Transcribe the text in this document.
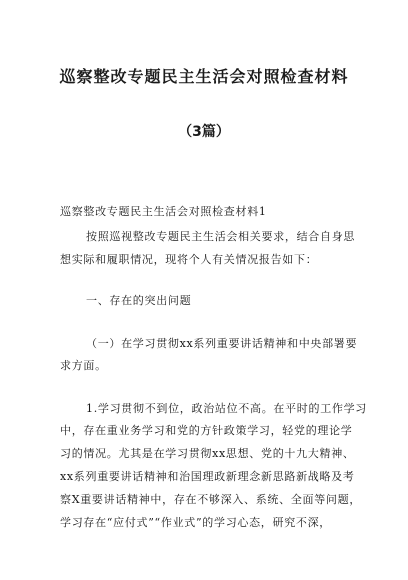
巡察整改专题民主生活会对照检查材料
（3篇）
巡察整改专题民主生活会对照检查材料1
按照巡视整改专题民主生活会相关要求，结合自身思
想实际和履职情况，现将个人有关情况报告如下：
一、存在的突出问题
（一）在学习贯彻xx系列重要讲话精神和中央部署要
求方面。
1.学习贯彻不到位，政治站位不高。在平时的工作学习
中，存在重业务学习和党的方针政策学习，轻党的理论学
习的情况。尤其是在学习贯彻xx思想、党的十九大精神、
xx系列重要讲话精神和治国理政新理念新思路新战略及考
察X重要讲话精神中，存在不够深入、系统、全面等问题，
学习存在“应付式”“作业式”的学习心态，研究不深，
